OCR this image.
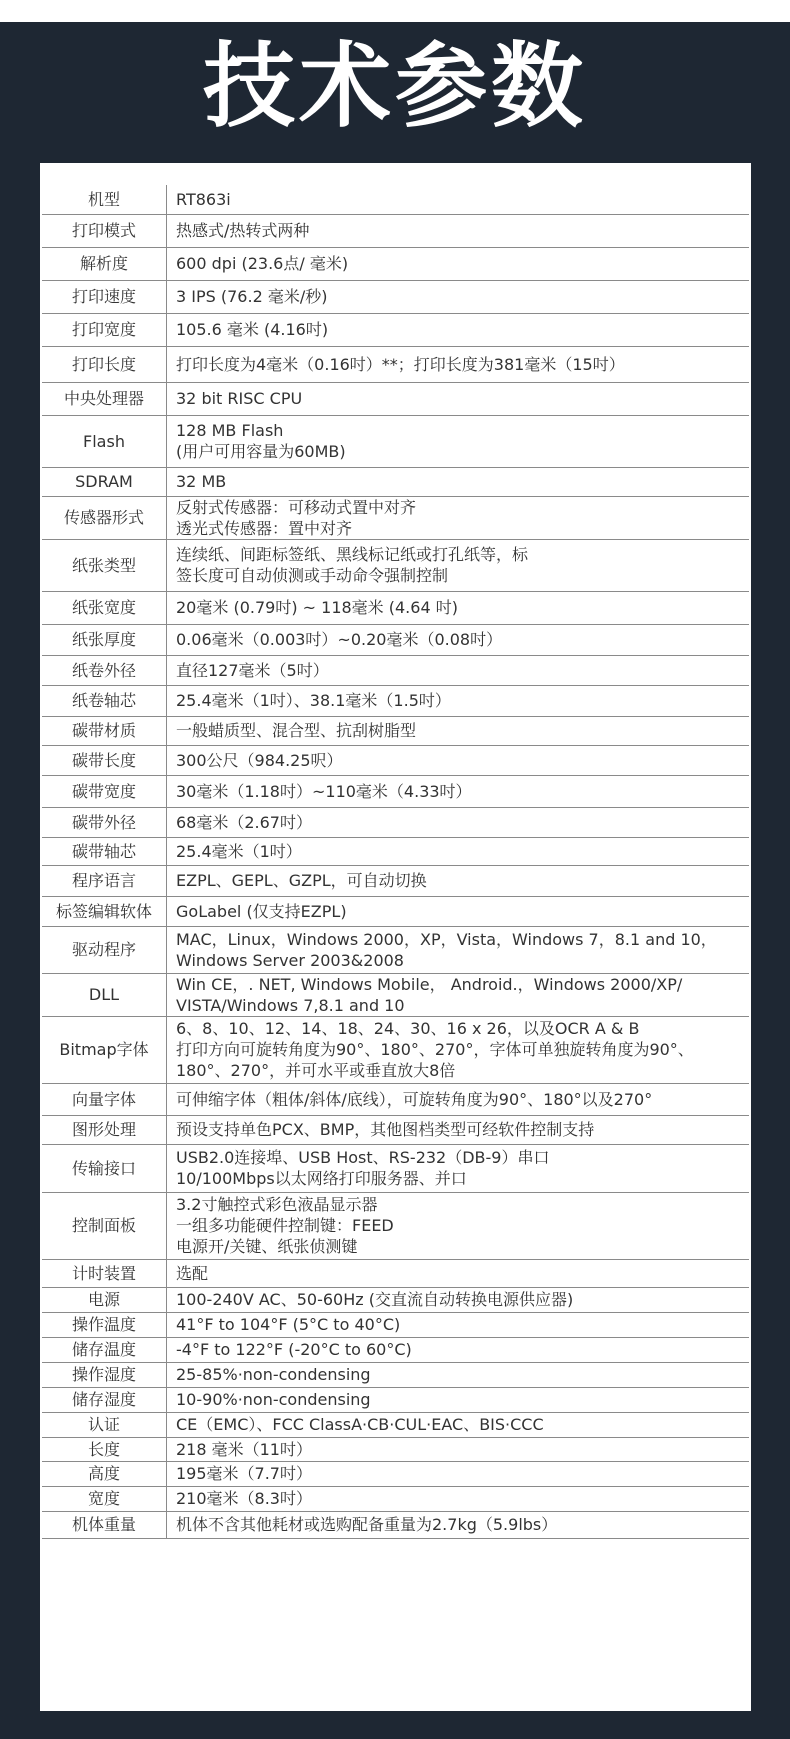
技术参数
机型	RT863i

打印模式	热感式/热转式两种

解析度	600 dpi (23.6点/ 毫米)

打印速度	3 IPS (76.2 毫米/秒)

打印宽度	105.6 毫米 (4.16吋)

打印长度	打印长度为4毫米（0.16吋）**；打印长度为381毫米（15吋）

中央处理器	32 bit RISC CPU

Flash	128 MB Flash
(用户可用容量为60MB)

SDRAM	32 MB

传感器形式	反射式传感器：可移动式置中对齐
透光式传感器：置中对齐

纸张类型	连续纸、间距标签纸、黑线标记纸或打孔纸等，标
签长度可自动侦测或手动命令强制控制

纸张宽度	20毫米 (0.79吋) ~ 118毫米 (4.64 吋)

纸张厚度	0.06毫米（0.003吋）~0.20毫米（0.08吋）

纸卷外径	直径127毫米（5吋）

纸卷轴芯	25.4毫米（1吋）、38.1毫米（1.5吋）

碳带材质	一般蜡质型、混合型、抗刮树脂型

碳带长度	300公尺（984.25呎）

碳带宽度	30毫米（1.18吋）~110毫米（4.33吋）

碳带外径	68毫米（2.67吋）

碳带轴芯	25.4毫米（1吋）

程序语言	EZPL、GEPL、GZPL，可自动切换

标签编辑软体	GoLabel (仅支持EZPL)

驱动程序	MAC，Linux，Windows 2000，XP，Vista，Windows 7，8.1 and 10，
Windows Server 2003&2008

DLL	Win CE，. NET, Windows Mobile， Android.，Windows 2000/XP/
VISTA/Windows 7,8.1 and 10

Bitmap字体	6、8、10、12、14、18、24、30、16 x 26，以及OCR A & B
打印方向可旋转角度为90°、180°、270°，字体可单独旋转角度为90°、
180°、270°，并可水平或垂直放大8倍

向量字体	可伸缩字体（粗体/斜体/底线），可旋转角度为90°、180°以及270°

图形处理	预设支持单色PCX、BMP，其他图档类型可经软件控制支持

传输接口	USB2.0连接埠、USB Host、RS-232（DB-9）串口
10/100Mbps以太网络打印服务器、并口

控制面板	3.2寸触控式彩色液晶显示器
一组多功能硬件控制键：FEED
电源开/关键、纸张侦测键

计时装置	选配

电源	100-240V AC、50-60Hz (交直流自动转换电源供应器)

操作温度	41°F to 104°F (5°C to 40°C)

储存温度	-4°F to 122°F (-20°C to 60°C)

操作湿度	25-85%·non-condensing

储存湿度	10-90%·non-condensing

认证	CE（EMC）、FCC ClassA·CB·CUL·EAC、BIS·CCC

长度	218 毫米（11吋）

高度	195毫米（7.7吋）

宽度	210毫米（8.3吋）

机体重量	机体不含其他耗材或选购配备重量为2.7kg（5.9lbs）
